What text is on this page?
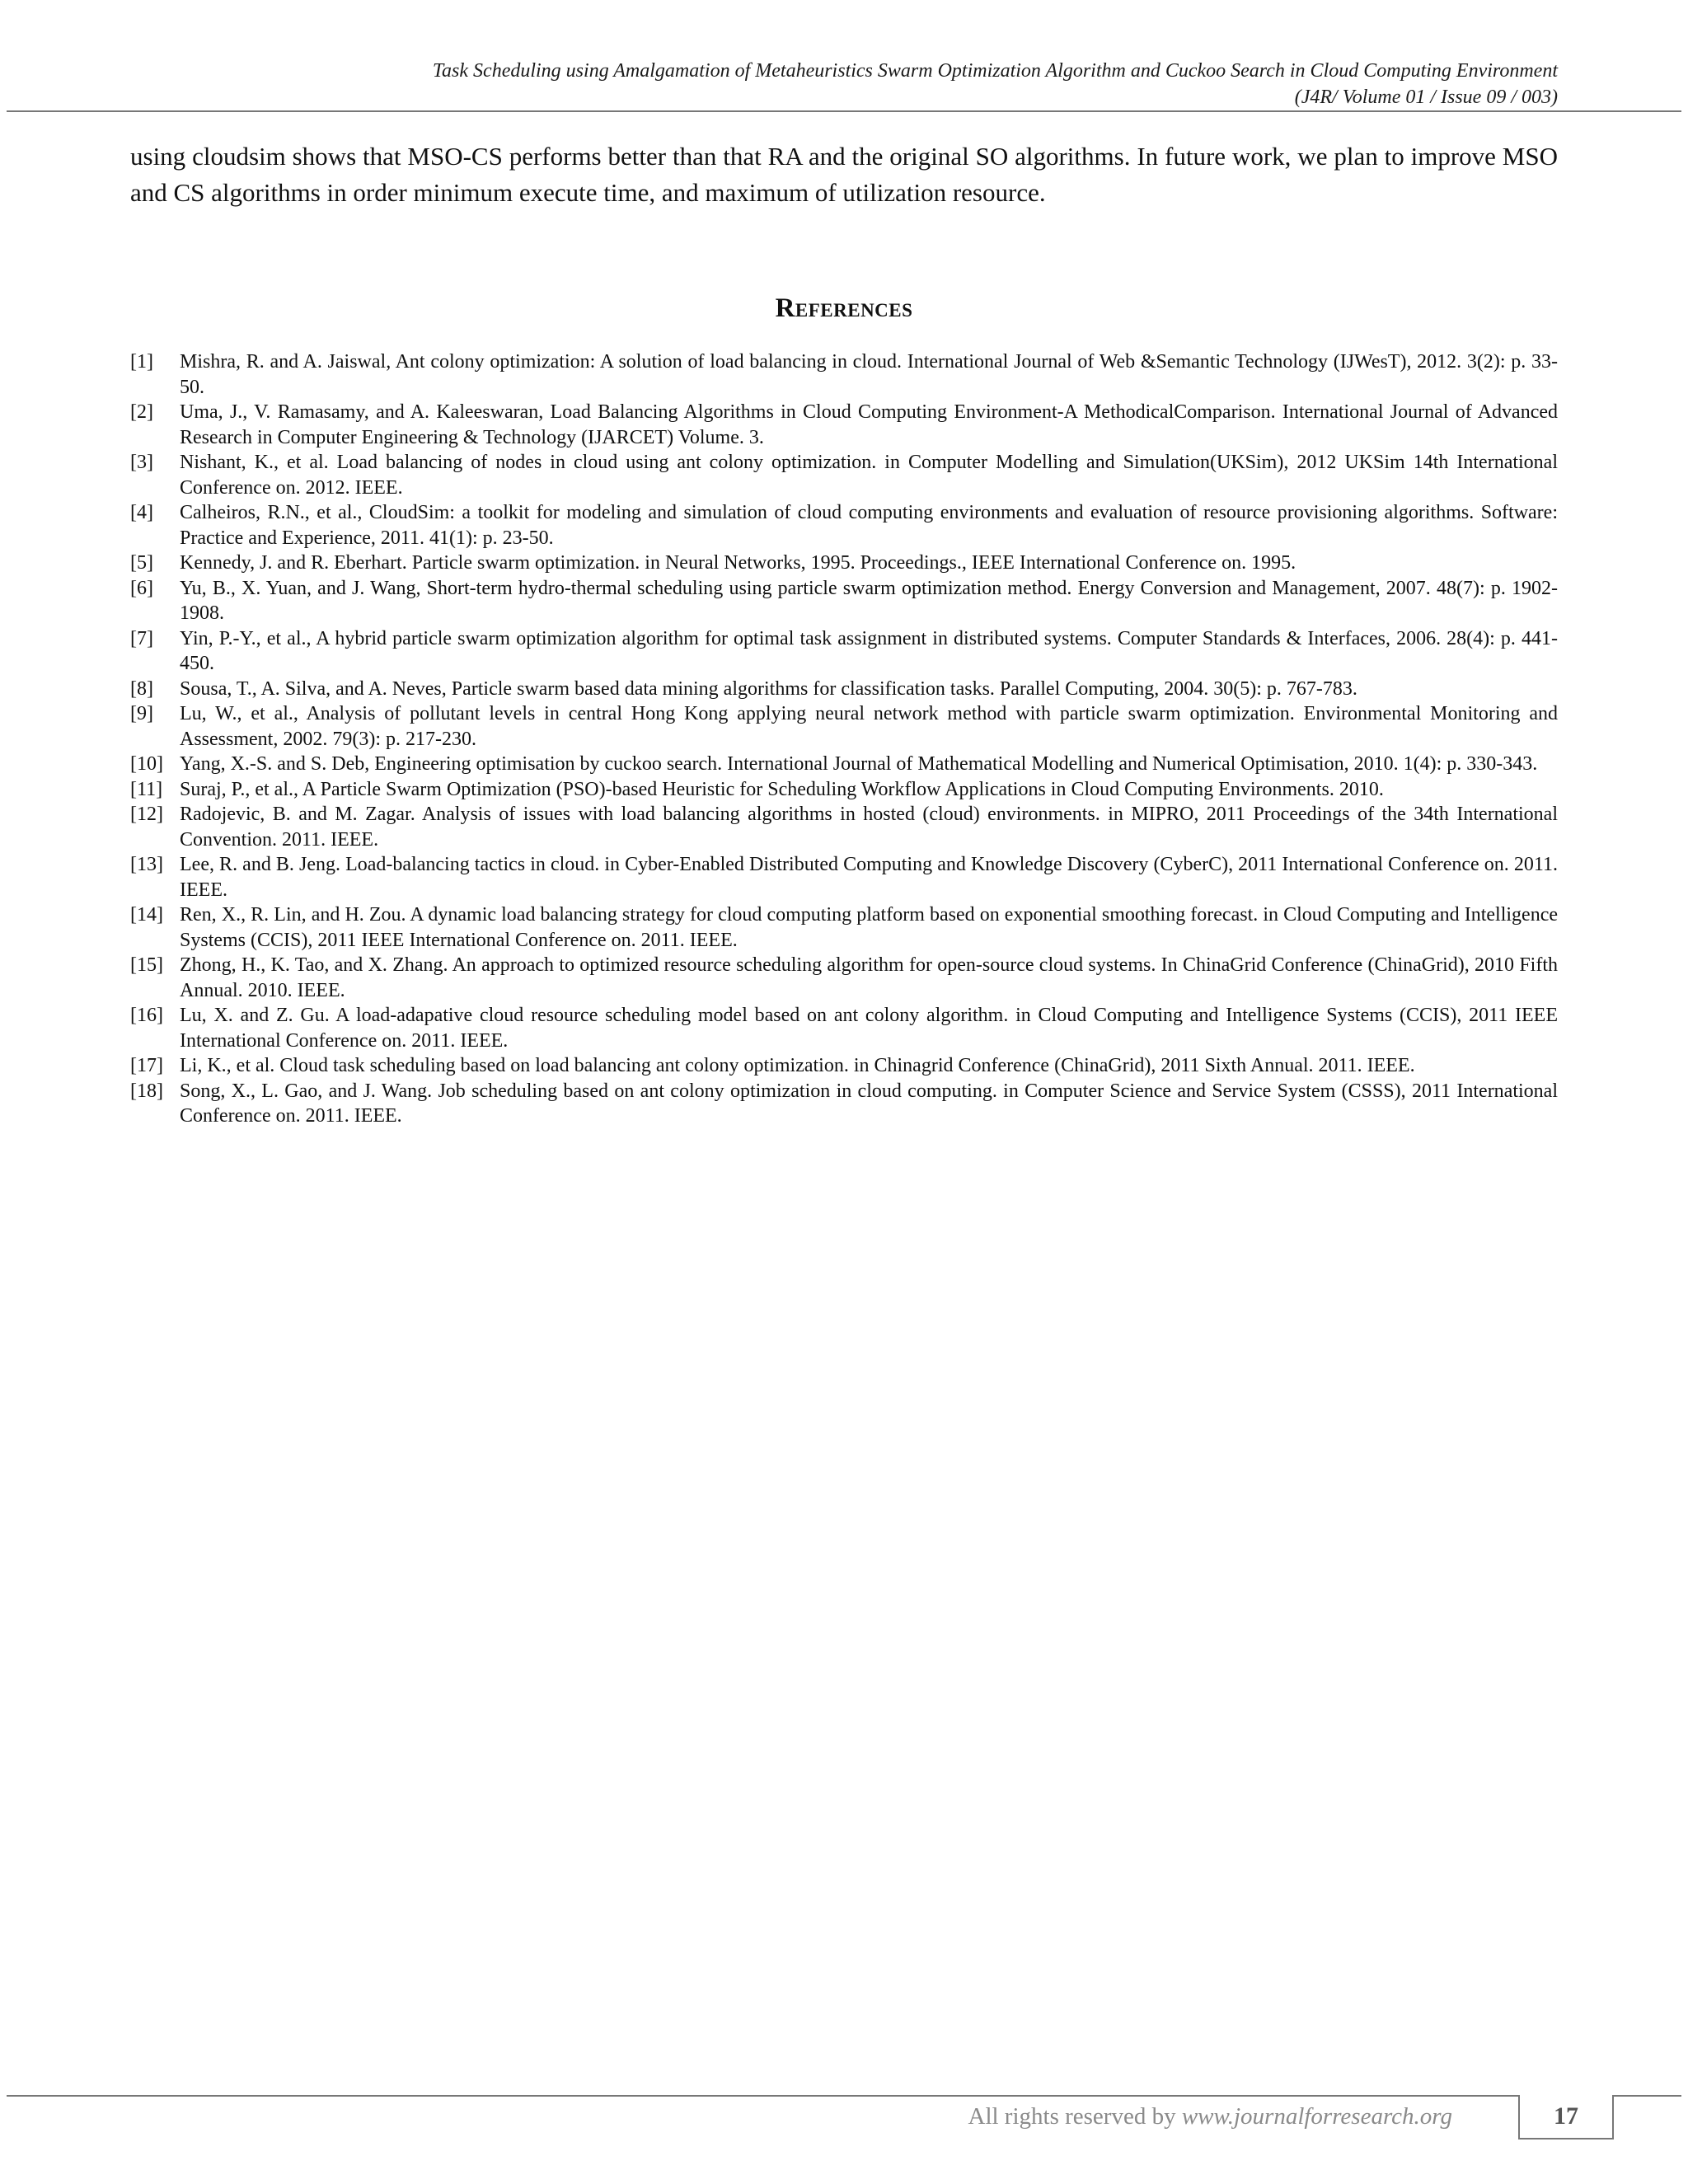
Task Scheduling using Amalgamation of Metaheuristics Swarm Optimization Algorithm and Cuckoo Search in Cloud Computing Environment
(J4R/ Volume 01 / Issue 09 / 003)

using cloudsim shows that MSO-CS performs better than that RA and the original SO algorithms. In future work, we plan to improve MSO and CS algorithms in order minimum execute time, and maximum of utilization resource.

References
[1]	Mishra, R. and A. Jaiswal, Ant colony optimization: A solution of load balancing in cloud. International Journal of Web &Semantic Technology (IJWesT), 2012. 3(2): p. 33-50.
[2]	Uma, J., V. Ramasamy, and A. Kaleeswaran, Load Balancing Algorithms in Cloud Computing Environment-A MethodicalComparison. International Journal of Advanced Research in Computer Engineering & Technology (IJARCET) Volume. 3.
[3]	Nishant, K., et al. Load balancing of nodes in cloud using ant colony optimization. in Computer Modelling and Simulation(UKSim), 2012 UKSim 14th International Conference on. 2012. IEEE.
[4]	Calheiros, R.N., et al., CloudSim: a toolkit for modeling and simulation of cloud computing environments and evaluation of resource provisioning algorithms. Software: Practice and Experience, 2011. 41(1): p. 23-50.
[5]	Kennedy, J. and R. Eberhart. Particle swarm optimization. in Neural Networks, 1995. Proceedings., IEEE International Conference on. 1995.
[6]	Yu, B., X. Yuan, and J. Wang, Short-term hydro-thermal scheduling using particle swarm optimization method. Energy Conversion and Management, 2007. 48(7): p. 1902-1908.
[7]	Yin, P.-Y., et al., A hybrid particle swarm optimization algorithm for optimal task assignment in distributed systems. Computer Standards & Interfaces, 2006. 28(4): p. 441-450.
[8]	Sousa, T., A. Silva, and A. Neves, Particle swarm based data mining algorithms for classification tasks. Parallel Computing, 2004. 30(5): p. 767-783.
[9]	Lu, W., et al., Analysis of pollutant levels in central Hong Kong applying neural network method with particle swarm optimization. Environmental Monitoring and Assessment, 2002. 79(3): p. 217-230.
[10] Yang, X.-S. and S. Deb, Engineering optimisation by cuckoo search. International Journal of Mathematical Modelling and Numerical Optimisation, 2010. 1(4): p. 330-343.
[11] Suraj, P., et al., A Particle Swarm Optimization (PSO)-based Heuristic for Scheduling Workflow Applications in Cloud Computing Environments. 2010.
[12] Radojevic, B. and M. Zagar. Analysis of issues with load balancing algorithms in hosted (cloud) environments. in MIPRO, 2011 Proceedings of the 34th International Convention. 2011. IEEE.
[13] Lee, R. and B. Jeng. Load-balancing tactics in cloud. in Cyber-Enabled Distributed Computing and Knowledge Discovery (CyberC), 2011 International Conference on. 2011. IEEE.
[14] Ren, X., R. Lin, and H. Zou. A dynamic load balancing strategy for cloud computing platform based on exponential smoothing forecast. in Cloud Computing and Intelligence Systems (CCIS), 2011 IEEE International Conference on. 2011. IEEE.
[15] Zhong, H., K. Tao, and X. Zhang. An approach to optimized resource scheduling algorithm for open-source cloud systems. In ChinaGrid Conference (ChinaGrid), 2010 Fifth Annual. 2010. IEEE.
[16] Lu, X. and Z. Gu. A load-adapative cloud resource scheduling model based on ant colony algorithm. in Cloud Computing and Intelligence Systems (CCIS), 2011 IEEE International Conference on. 2011. IEEE.
[17] Li, K., et al. Cloud task scheduling based on load balancing ant colony optimization. in Chinagrid Conference (ChinaGrid), 2011 Sixth Annual. 2011. IEEE.
[18] Song, X., L. Gao, and J. Wang. Job scheduling based on ant colony optimization in cloud computing. in Computer Science and Service System (CSSS), 2011 International Conference on. 2011. IEEE.
All rights reserved by www.journalforresearch.org	17
